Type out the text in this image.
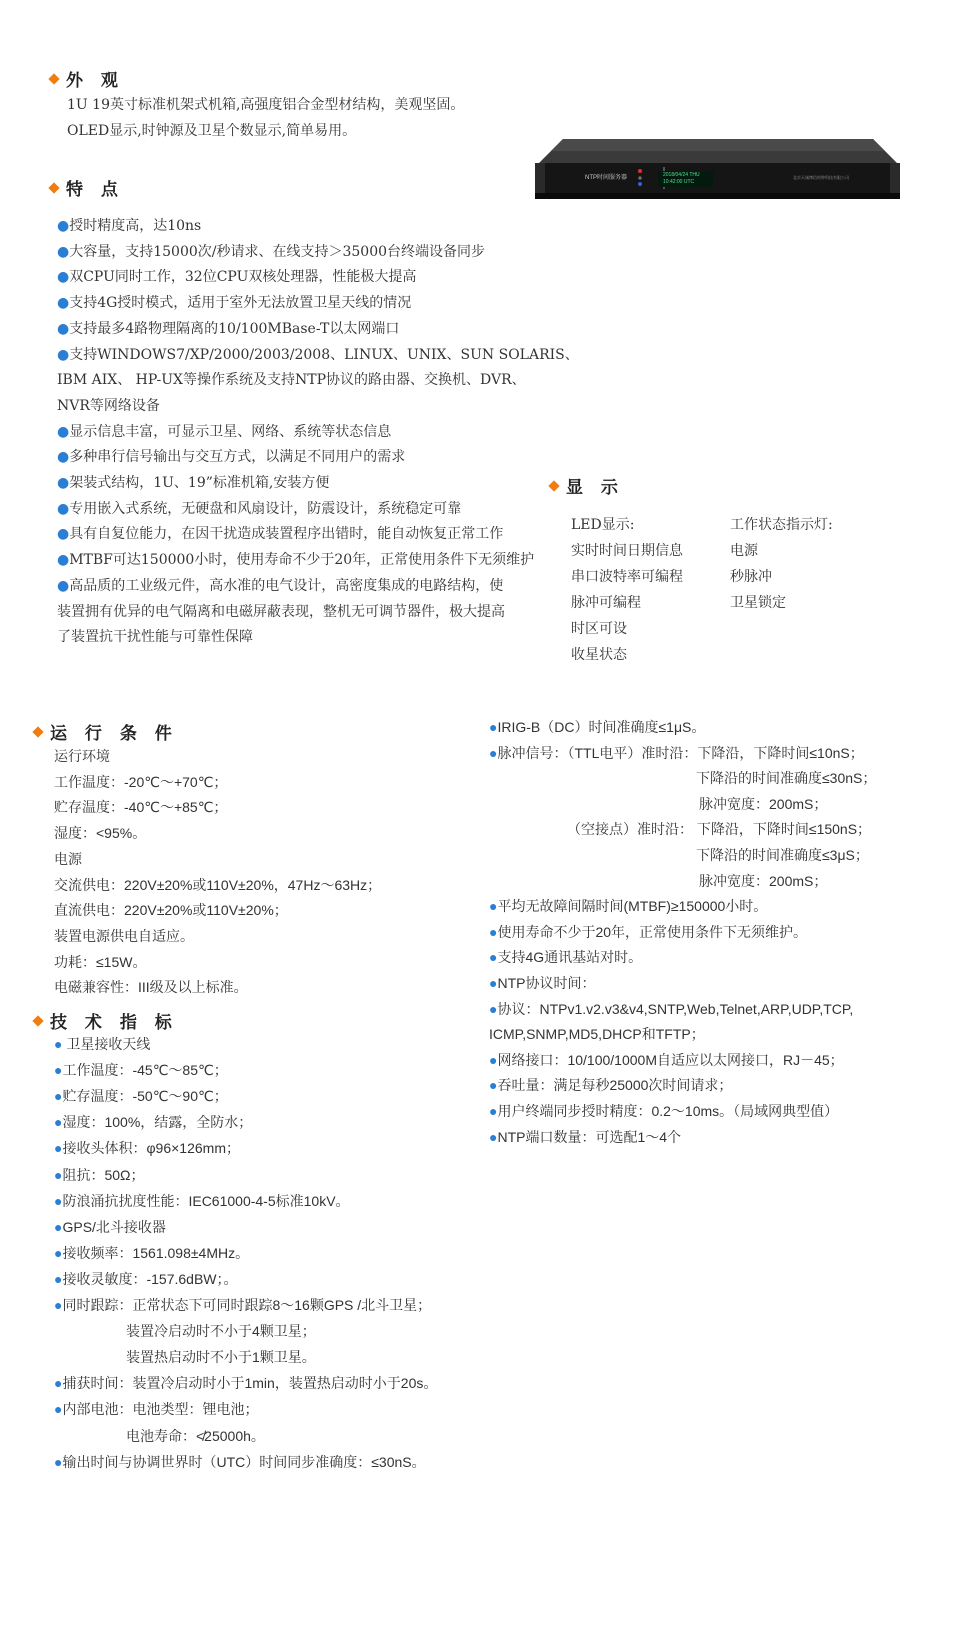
外 观
1U 19英寸标准机架式机箱,高强度铝合金型材结构，美观坚固。
OLED显示,时钟源及卫星个数显示,简单易用。
NTP时间服务器	2018/04/24 THU
10:42:00 UTC
北京天诚博信时钟科技有限公司
特 点
●授时精度高，达10ns
●大容量，支持15000次/秒请求、在线支持＞35000台终端设备同步
●双CPU同时工作，32位CPU双核处理器，性能极大提高
●支持4G授时模式，适用于室外无法放置卫星天线的情况
●支持最多4路物理隔离的10/100MBase-T以太网端口
●支持WINDOWS7/XP/2000/2003/2008、LINUX、UNIX、SUN SOLARIS、
IBM AIX、 HP-UX等操作系统及支持NTP协议的路由器、交换机、DVR、
NVR等网络设备
●显示信息丰富，可显示卫星、网络、系统等状态信息
●多种串行信号输出与交互方式，以满足不同用户的需求
●架装式结构，1U、19”标准机箱,安装方便
●专用嵌入式系统，无硬盘和风扇设计，防震设计，系统稳定可靠
●具有自复位能力，在因干扰造成装置程序出错时，能自动恢复正常工作
●MTBF可达150000小时，使用寿命不少于20年，正常使用条件下无须维护
●高品质的工业级元件，高水准的电气设计，高密度集成的电路结构，使
装置拥有优异的电气隔离和电磁屏蔽表现，整机无可调节器件，极大提高
了装置抗干扰性能与可靠性保障
显 示
LED显示:
实时时间日期信息
串口波特率可编程
脉冲可编程
时区可设
收星状态
工作状态指示灯:
电源
秒脉冲
卫星锁定
运 行 条 件
运行环境
工作温度：-20℃～+70℃；
贮存温度：-40℃～+85℃；
湿度：<95%。
电源
交流供电：220V±20%或110V±20%，47Hz～63Hz；
直流供电：220V±20%或110V±20%；
装置电源供电自适应。
功耗：≤15W。
电磁兼容性：III级及以上标准。
技 术 指 标
● 卫星接收天线
●工作温度：-45℃～85℃；
●贮存温度：-50℃～90℃；
●湿度：100%，结露，全防水；
●接收头体积：φ96×126mm；
●阻抗：50Ω；
●防浪涌抗扰度性能：IEC61000-4-5标准10kV。
●GPS/北斗接收器
●接收频率：1561.098±4MHz。
●接收灵敏度：-157.6dBW；。
●同时跟踪：正常状态下可同时跟踪8～16颗GPS /北斗卫星；
装置冷启动时不小于4颗卫星；
装置热启动时不小于1颗卫星。
●捕获时间：装置冷启动时小于1min，装置热启动时小于20s。
●内部电池：电池类型：锂电池；
电池寿命：≮25000h。
●输出时间与协调世界时（UTC）时间同步准确度：≤30nS。
●IRIG-B（DC）时间准确度≤1μS。
●脉冲信号：（TTL电平）准时沿：下降沿，下降时间≤10nS；
下降沿的时间准确度≤30nS；
脉冲宽度：200mS；
（空接点）准时沿： 下降沿，下降时间≤150nS；
下降沿的时间准确度≤3μS；
脉冲宽度：200mS；
●平均无故障间隔时间(MTBF)≥150000小时。
●使用寿命不少于20年，正常使用条件下无须维护。
●支持4G通讯基站对时。
●NTP协议时间：
●协议：NTPv1.v2.v3&v4,SNTP,Web,Telnet,ARP,UDP,TCP,
ICMP,SNMP,MD5,DHCP和TFTP；
●网络接口：10/100/1000M自适应以太网接口，RJ－45；
●吞吐量：满足每秒25000次时间请求；
●用户终端同步授时精度：0.2～10ms。（局域网典型值）
●NTP端口数量：可选配1～4个
